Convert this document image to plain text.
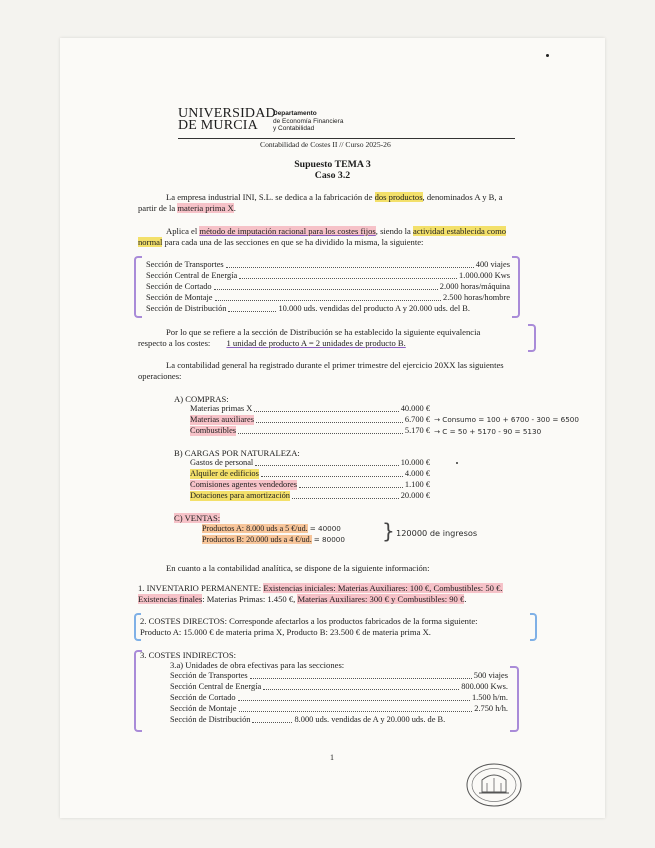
UNIVERSIDAD
DE MURCIA
Departamento
de Economía Financiera
y Contabilidad
Contabilidad de Costes II // Curso 2025-26
Supuesto TEMA 3
Caso 3.2
La empresa industrial INI, S.L. se dedica a la fabricación de dos productos, denominados A y B, a
partir de la materia prima X.
Aplica el método de imputación racional para los costes fijos, siendo la actividad establecida como
normal para cada una de las secciones en que se ha dividido la misma, la siguiente:
Sección de Transportes	400 viajes
Sección Central de Energía	1.000.000 Kws
Sección de Cortado	2.000 horas/máquina
Sección de Montaje	2.500 horas/hombre
Sección de Distribución	10.000 uds. vendidas del producto A y 20.000 uds. del B.
Por lo que se refiere a la sección de Distribución se ha establecido la siguiente equivalencia
respecto a los costes: 1 unidad de producto A = 2 unidades de producto B.
La contabilidad general ha registrado durante el primer trimestre del ejercicio 20XX las siguientes
operaciones:
A) COMPRAS:
Materias primas X	40.000 €
Materias auxiliares	6.700 € → Consumo = 100 + 6700 - 300 = 6500
Combustibles	5.170 € → C = 50 + 5170 - 90 = 5130
B) CARGAS POR NATURALEZA:
Gastos de personal	10.000 €
Alquiler de edificios	4.000 €
Comisiones agentes vendedores	1.100 €
Dotaciones para amortización	20.000 €
C) VENTAS:
Productos A: 8.000 uds a 5 €/ud. = 40000
Productos B: 20.000 uds a 4 €/ud. = 80000 } 120000 de ingresos
En cuanto a la contabilidad analítica, se dispone de la siguiente información:
1. INVENTARIO PERMANENTE: Existencias iniciales: Materias Auxiliares: 100 €, Combustibles: 50 €.
Existencias finales: Materias Primas: 1.450 €, Materias Auxiliares: 300 € y Combustibles: 90 €.
2. COSTES DIRECTOS: Corresponde afectarlos a los productos fabricados de la forma siguiente:
Producto A: 15.000 € de materia prima X, Producto B: 23.500 € de materia prima X.
3. COSTES INDIRECTOS:
3.a) Unidades de obra efectivas para las secciones:
Sección de Transportes	500 viajes
Sección Central de Energía	800.000 Kws.
Sección de Cortado	1.500 h/m.
Sección de Montaje	2.750 h/h.
Sección de Distribución	8.000 uds. vendidas de A y 20.000 uds. de B.
1
